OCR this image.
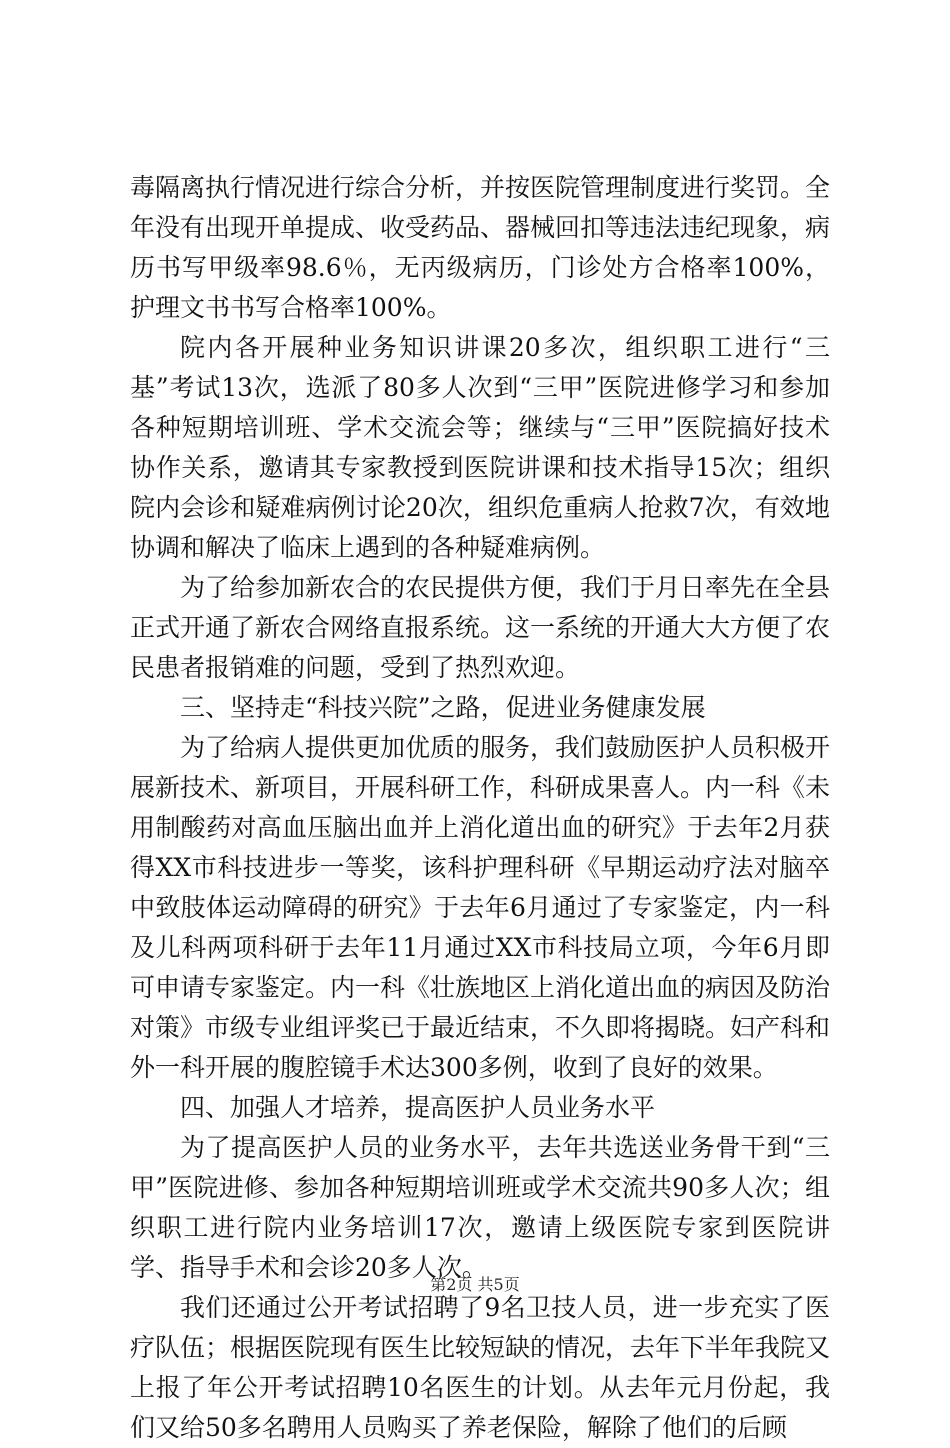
毒隔离执行情况进行综合分析，并按医院管理制度进行奖罚。全年没有出现开单提成、收受药品、器械回扣等违法违纪现象，病历书写甲级率98.6％，无丙级病历，门诊处方合格率100%，护理文书书写合格率100%。

院内各开展种业务知识讲课20多次，组织职工进行“三基”考试13次，选派了80多人次到“三甲”医院进修学习和参加各种短期培训班、学术交流会等；继续与“三甲”医院搞好技术协作关系，邀请其专家教授到医院讲课和技术指导15次；组织院内会诊和疑难病例讨论20次，组织危重病人抢救7次，有效地协调和解决了临床上遇到的各种疑难病例。

为了给参加新农合的农民提供方便，我们于月日率先在全县正式开通了新农合网络直报系统。这一系统的开通大大方便了农民患者报销难的问题，受到了热烈欢迎。

三、坚持走“科技兴院”之路，促进业务健康发展

为了给病人提供更加优质的服务，我们鼓励医护人员积极开展新技术、新项目，开展科研工作，科研成果喜人。内一科《未用制酸药对高血压脑出血并上消化道出血的研究》于去年2月获得XX市科技进步一等奖，该科护理科研《早期运动疗法对脑卒中致肢体运动障碍的研究》于去年6月通过了专家鉴定，内一科及儿科两项科研于去年11月通过XX市科技局立项，今年6月即可申请专家鉴定。内一科《壮族地区上消化道出血的病因及防治对策》市级专业组评奖已于最近结束，不久即将揭晓。妇产科和外一科开展的腹腔镜手术达300多例，收到了良好的效果。

四、加强人才培养，提高医护人员业务水平

为了提高医护人员的业务水平，去年共选送业务骨干到“三甲”医院进修、参加各种短期培训班或学术交流共90多人次；组织职工进行院内业务培训17次，邀请上级医院专家到医院讲学、指导手术和会诊20多人次。

我们还通过公开考试招聘了9名卫技人员，进一步充实了医疗队伍；根据医院现有医生比较短缺的情况，去年下半年我院又上报了年公开考试招聘10名医生的计划。从去年元月份起，我们又给50多名聘用人员购买了养老保险，解除了他们的后顾

第2页 共5页
